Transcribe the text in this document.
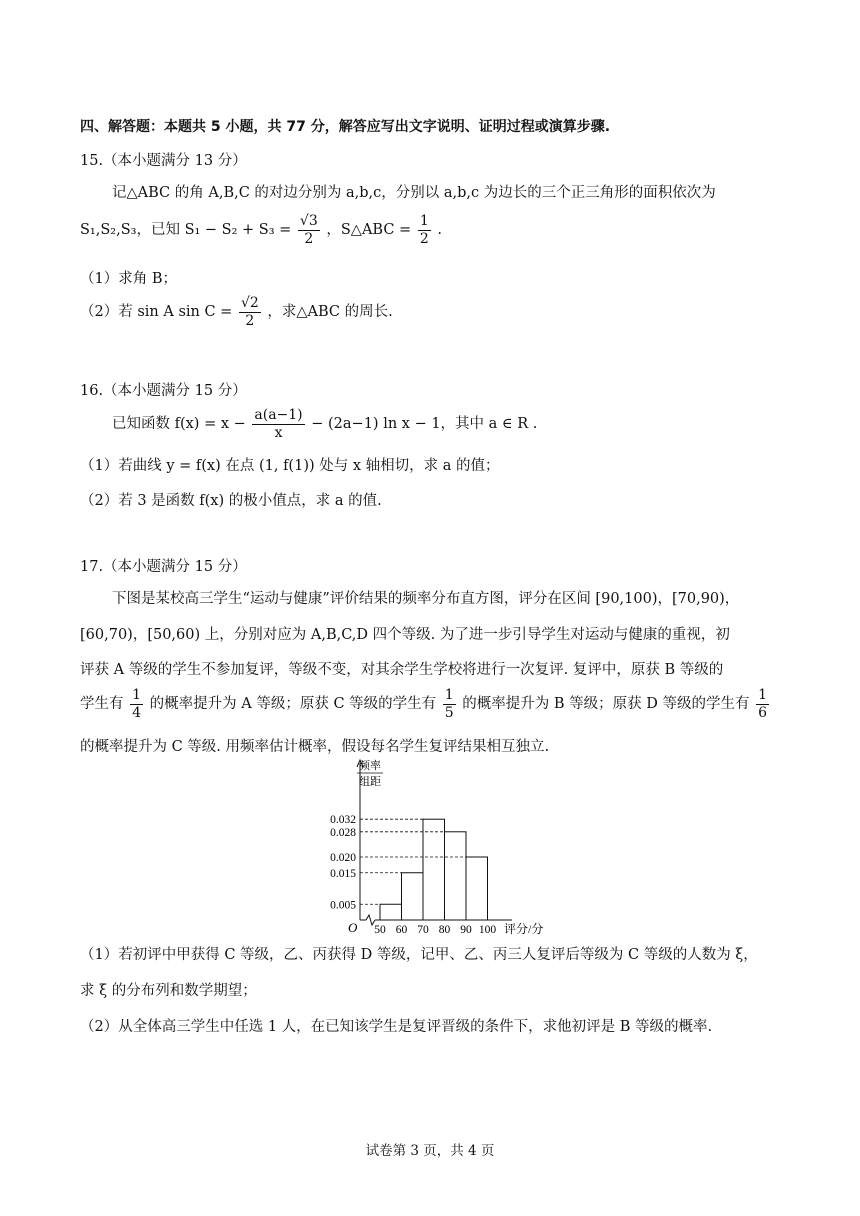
四、解答题：本题共 5 小题，共 77 分，解答应写出文字说明、证明过程或演算步骤.
15.（本小题满分 13 分）
记△ABC 的角 A,B,C 的对边分别为 a,b,c，分别以 a,b,c 为边长的三个正三角形的面积依次为
S₁,S₂,S₃，已知 $S_1 - S_2 + S_3 = \frac{√3}{2}$ ，S△ABC = $\frac{1}{2}$ .
（1）求角 B；
（2）若 sin A $\sin C = \frac{√2}{2}$ ，求△ABC 的周长.
16.（本小题满分 15 分）
已知函数 $f(x) = x - \frac{a(a-1)}{x} - (2a-1)$ ln x − 1，其中 a ∈ R .
（1）若曲线 y = f(x) 在点 (1, f(1)) 处与 x 轴相切，求 a 的值；
（2）若 3 是函数 f(x) 的极小值点，求 a 的值.
17.（本小题满分 15 分）
下图是某校高三学生“运动与健康”评价结果的频率分布直方图，评分在区间 [90,100)，[70,90)，
[60,70)，[50,60) 上，分别对应为 A,B,C,D 四个等级. 为了进一步引导学生对运动与健康的重视，初
评获 A 等级的学生不参加复评，等级不变，对其余学生学校将进行一次复评. 复评中，原获 B 等级的
学生有 $\frac{1}{4}$ 的概率提升为 A 等级；原获 C 等级的学生有 $\frac{1}{5}$ 的概率提升为 B 等级；原获 D 等级的学生有 $\frac{1}{6}$
的概率提升为 C 等级. 用频率估计概率，假设每名学生复评结果相互独立.
O
频率
组距
0.032
0.028
0.020
0.015
0.005
50 60 70 80 90 100 评分/分
（1）若初评中甲获得 C 等级，乙、丙获得 D 等级，记甲、乙、丙三人复评后等级为 C 等级的人数为 ξ，
求 ξ 的分布列和数学期望；
（2）从全体高三学生中任选 1 人，在已知该学生是复评晋级的条件下，求他初评是 B 等级的概率.
试卷第 3 页，共 4 页
